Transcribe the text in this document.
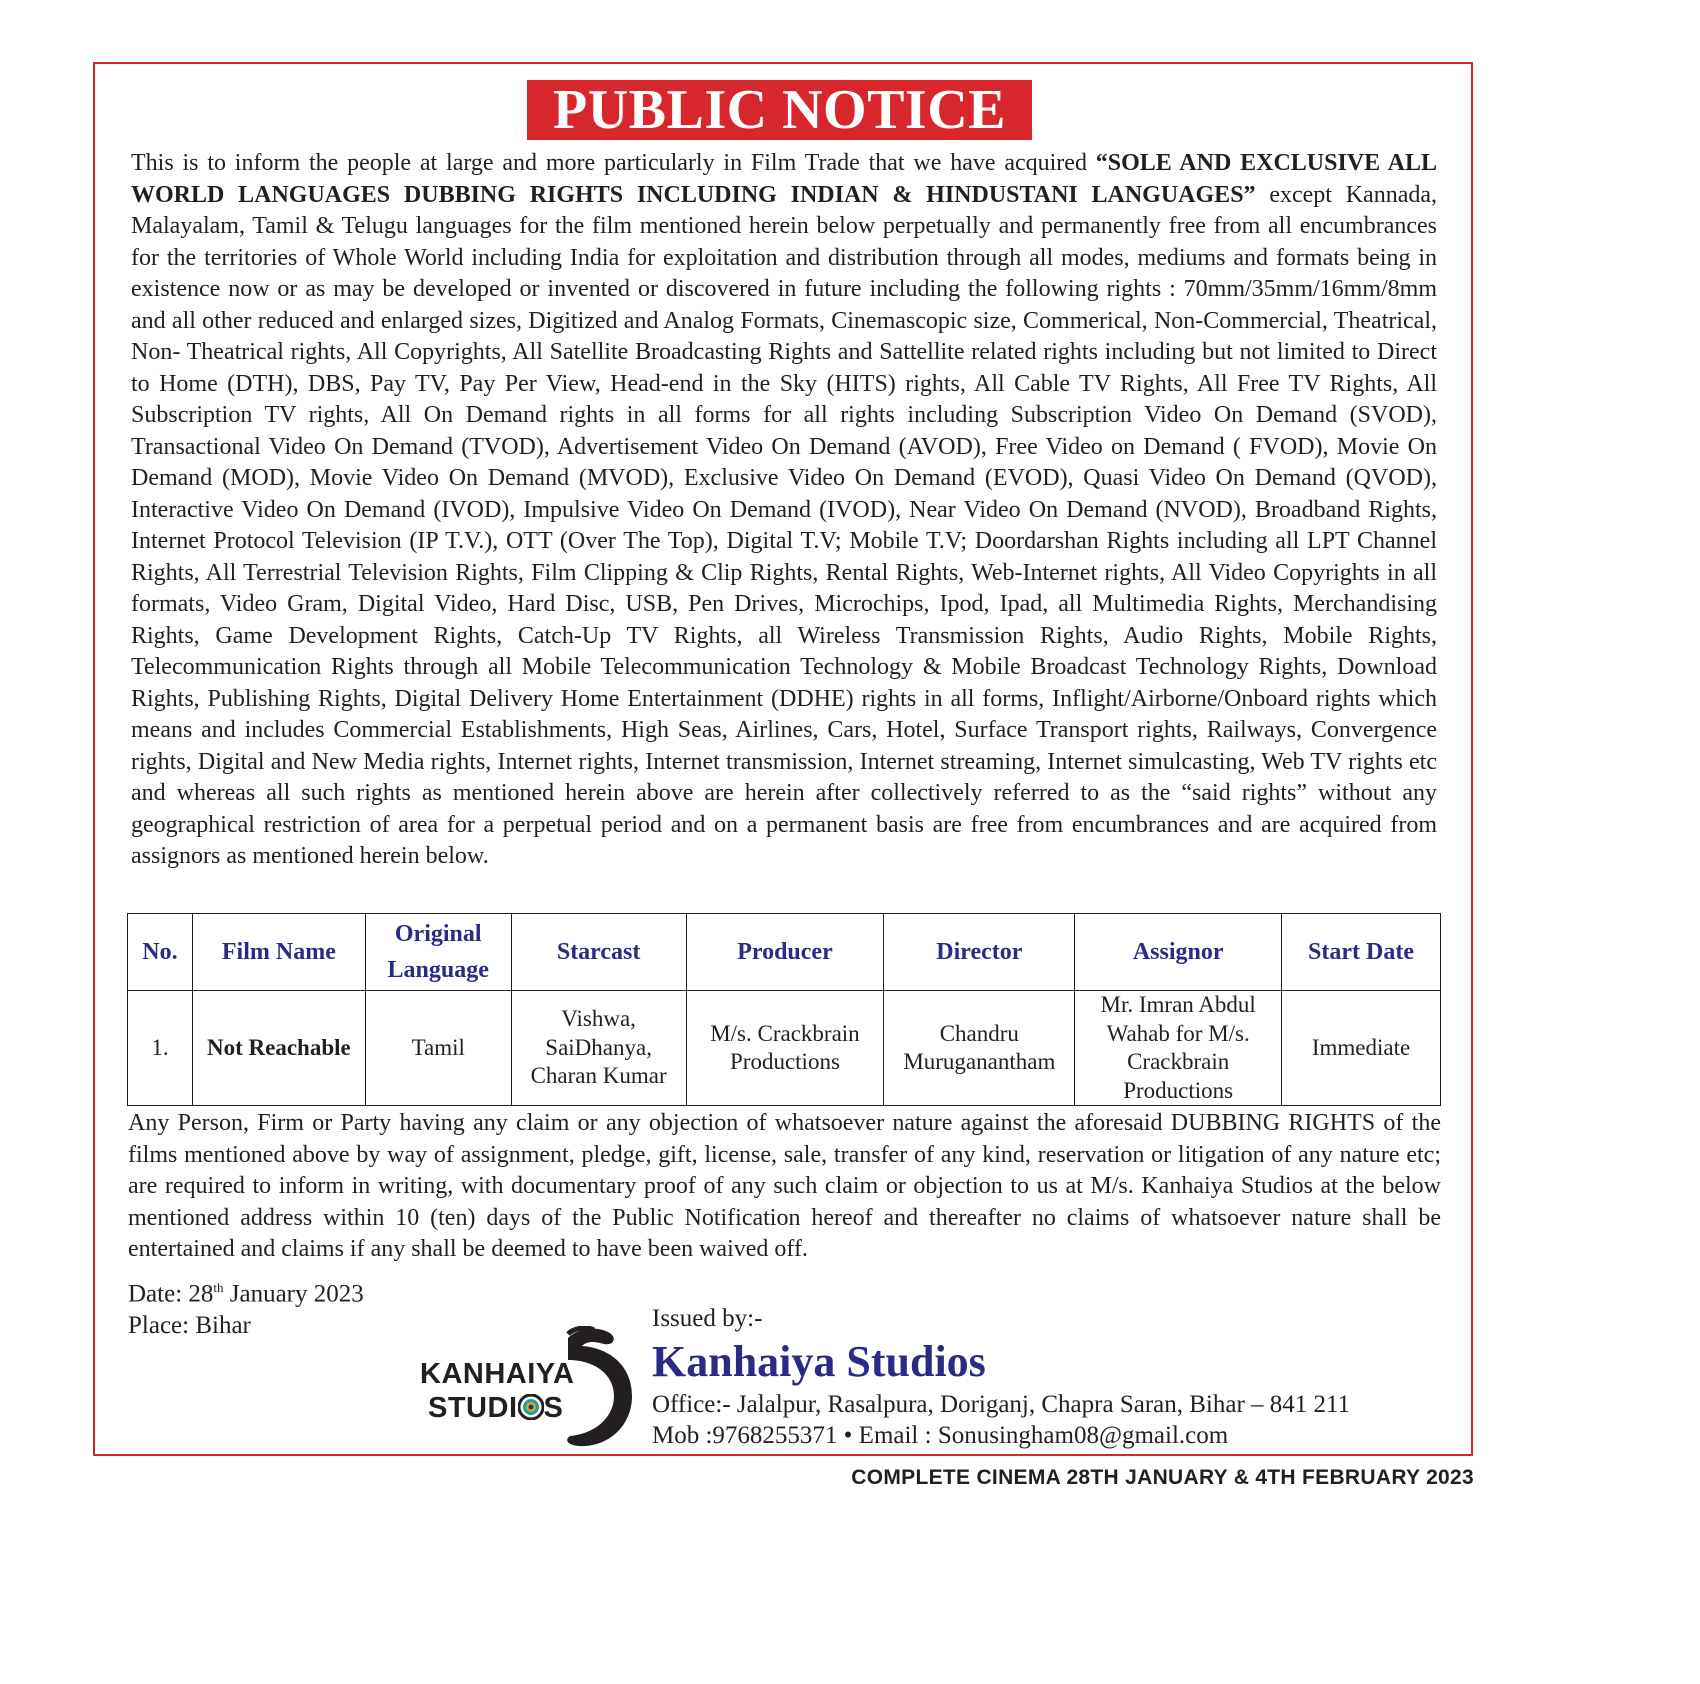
PUBLIC NOTICE
This is to inform the people at large and more particularly in Film Trade that we have acquired “SOLE AND EXCLUSIVE ALL WORLD LANGUAGES DUBBING RIGHTS INCLUDING INDIAN & HINDUSTANI LANGUAGES” except Kannada, Malayalam, Tamil & Telugu languages for the film mentioned herein below perpetually and permanently free from all encumbrances for the territories of Whole World including India for exploitation and distribution through all modes, mediums and formats being in existence now or as may be developed or invented or discovered in future including the following rights : 70mm/35mm/16mm/8mm and all other reduced and enlarged sizes, Digitized and Analog Formats, Cinemascopic size, Commerical, Non-Commercial, Theatrical, Non- Theatrical rights, All Copyrights, All Satellite Broadcasting Rights and Sattellite related rights including but not limited to Direct to Home (DTH), DBS, Pay TV, Pay Per View, Head-end in the Sky (HITS) rights, All Cable TV Rights, All Free TV Rights, All Subscription TV rights, All On Demand rights in all forms for all rights including Subscription Video On Demand (SVOD), Transactional Video On Demand (TVOD), Advertisement Video On Demand (AVOD), Free Video on Demand ( FVOD), Movie On Demand (MOD), Movie Video On Demand (MVOD), Exclusive Video On Demand (EVOD), Quasi Video On Demand (QVOD), Interactive Video On Demand (IVOD), Impulsive Video On Demand (IVOD), Near Video On Demand (NVOD), Broadband Rights, Internet Protocol Television (IP T.V.), OTT (Over The Top), Digital T.V; Mobile T.V; Doordarshan Rights including all LPT Channel Rights, All Terrestrial Television Rights, Film Clipping & Clip Rights, Rental Rights, Web-Internet rights, All Video Copyrights in all formats, Video Gram, Digital Video, Hard Disc, USB, Pen Drives, Microchips, Ipod, Ipad, all Multimedia Rights, Merchandising Rights, Game Development Rights, Catch-Up TV Rights, all Wireless Transmission Rights, Audio Rights, Mobile Rights, Telecommunication Rights through all Mobile Telecommunication Technology & Mobile Broadcast Technology Rights, Download Rights, Publishing Rights, Digital Delivery Home Entertainment (DDHE) rights in all forms, Inflight/Airborne/Onboard rights which means and includes Commercial Establishments, High Seas, Airlines, Cars, Hotel, Surface Transport rights, Railways, Convergence rights, Digital and New Media rights, Internet rights, Internet transmission, Internet streaming, Internet simulcasting, Web TV rights etc and whereas all such rights as mentioned herein above are herein after collectively referred to as the “said rights” without any geographical restriction of area for a perpetual period and on a permanent basis are free from encumbrances and are acquired from assignors as mentioned herein below.
No.	Film Name	Original Language	Starcast	Producer	Director	Assignor	Start Date
1.	Not Reachable	Tamil	Vishwa, SaiDhanya, Charan Kumar	M/s. Crackbrain Productions	Chandru Muruganantham	Mr. Imran Abdul Wahab for M/s. Crackbrain Productions	Immediate
Any Person, Firm or Party having any claim or any objection of whatsoever nature against the aforesaid DUBBING RIGHTS of the films mentioned above by way of assignment, pledge, gift, license, sale, transfer of any kind, reservation or litigation of any nature etc; are required to inform in writing, with documentary proof of any such claim or objection to us at M/s. Kanhaiya Studios at the below mentioned address within 10 (ten) days of the Public Notification hereof and thereafter no claims of whatsoever nature shall be entertained and claims if any shall be deemed to have been waived off.
Date: 28th January 2023
Place: Bihar
KANHAIYA
STUDI S
Issued by:-
Kanhaiya Studios
Office:- Jalalpur, Rasalpura, Doriganj, Chapra Saran, Bihar – 841 211
Mob :9768255371 • Email : Sonusingham08@gmail.com
COMPLETE CINEMA 28TH JANUARY & 4TH FEBRUARY 2023
